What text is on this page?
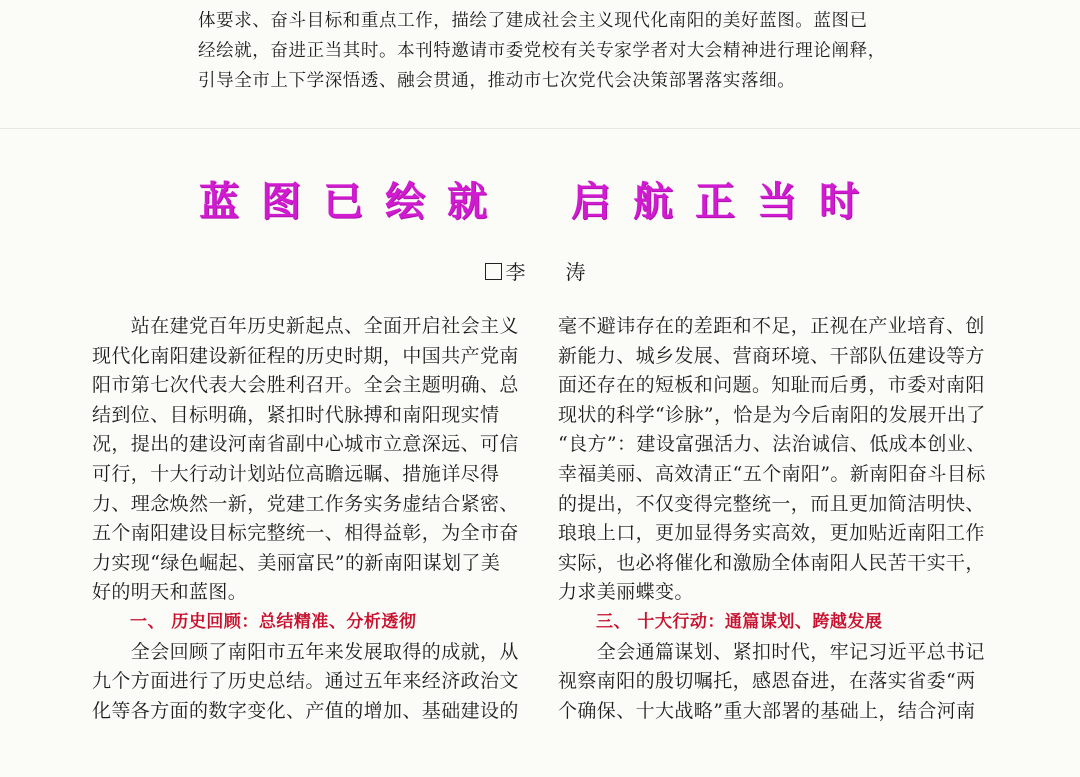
体要求、奋斗目标和重点工作，描绘了建成社会主义现代化南阳的美好蓝图。蓝图已

经绘就，奋进正当其时。本刊特邀请市委党校有关专家学者对大会精神进行理论阐释，

引导全市上下学深悟透、融会贯通，推动市七次党代会决策部署落实落细。

蓝图已绘就　启航正当时
李　涛
　　站在建党百年历史新起点、全面开启社会主义
现代化南阳建设新征程的历史时期，中国共产党南
阳市第七次代表大会胜利召开。全会主题明确、总
结到位、目标明确，紧扣时代脉搏和南阳现实情
况，提出的建设河南省副中心城市立意深远、可信
可行，十大行动计划站位高瞻远瞩、措施详尽得
力、理念焕然一新，党建工作务实务虚结合紧密、
五个南阳建设目标完整统一、相得益彰，为全市奋
力实现“绿色崛起、美丽富民”的新南阳谋划了美
好的明天和蓝图。
一、 历史回顾：总结精准、分析透彻
　　全会回顾了南阳市五年来发展取得的成就，从
九个方面进行了历史总结。通过五年来经济政治文
化等各方面的数字变化、产值的增加、基础建设的
毫不避讳存在的差距和不足，正视在产业培育、创
新能力、城乡发展、营商环境、干部队伍建设等方
面还存在的短板和问题。知耻而后勇，市委对南阳
现状的科学“诊脉”，恰是为今后南阳的发展开出了
“良方”：建设富强活力、法治诚信、低成本创业、
幸福美丽、高效清正“五个南阳”。新南阳奋斗目标
的提出，不仅变得完整统一，而且更加简洁明快、
琅琅上口，更加显得务实高效，更加贴近南阳工作
实际，也必将催化和激励全体南阳人民苦干实干，
力求美丽蝶变。
三、 十大行动：通篇谋划、跨越发展
　　全会通篇谋划、紧扣时代，牢记习近平总书记
视察南阳的殷切嘱托，感恩奋进，在落实省委“两
个确保、十大战略”重大部署的基础上，结合河南
